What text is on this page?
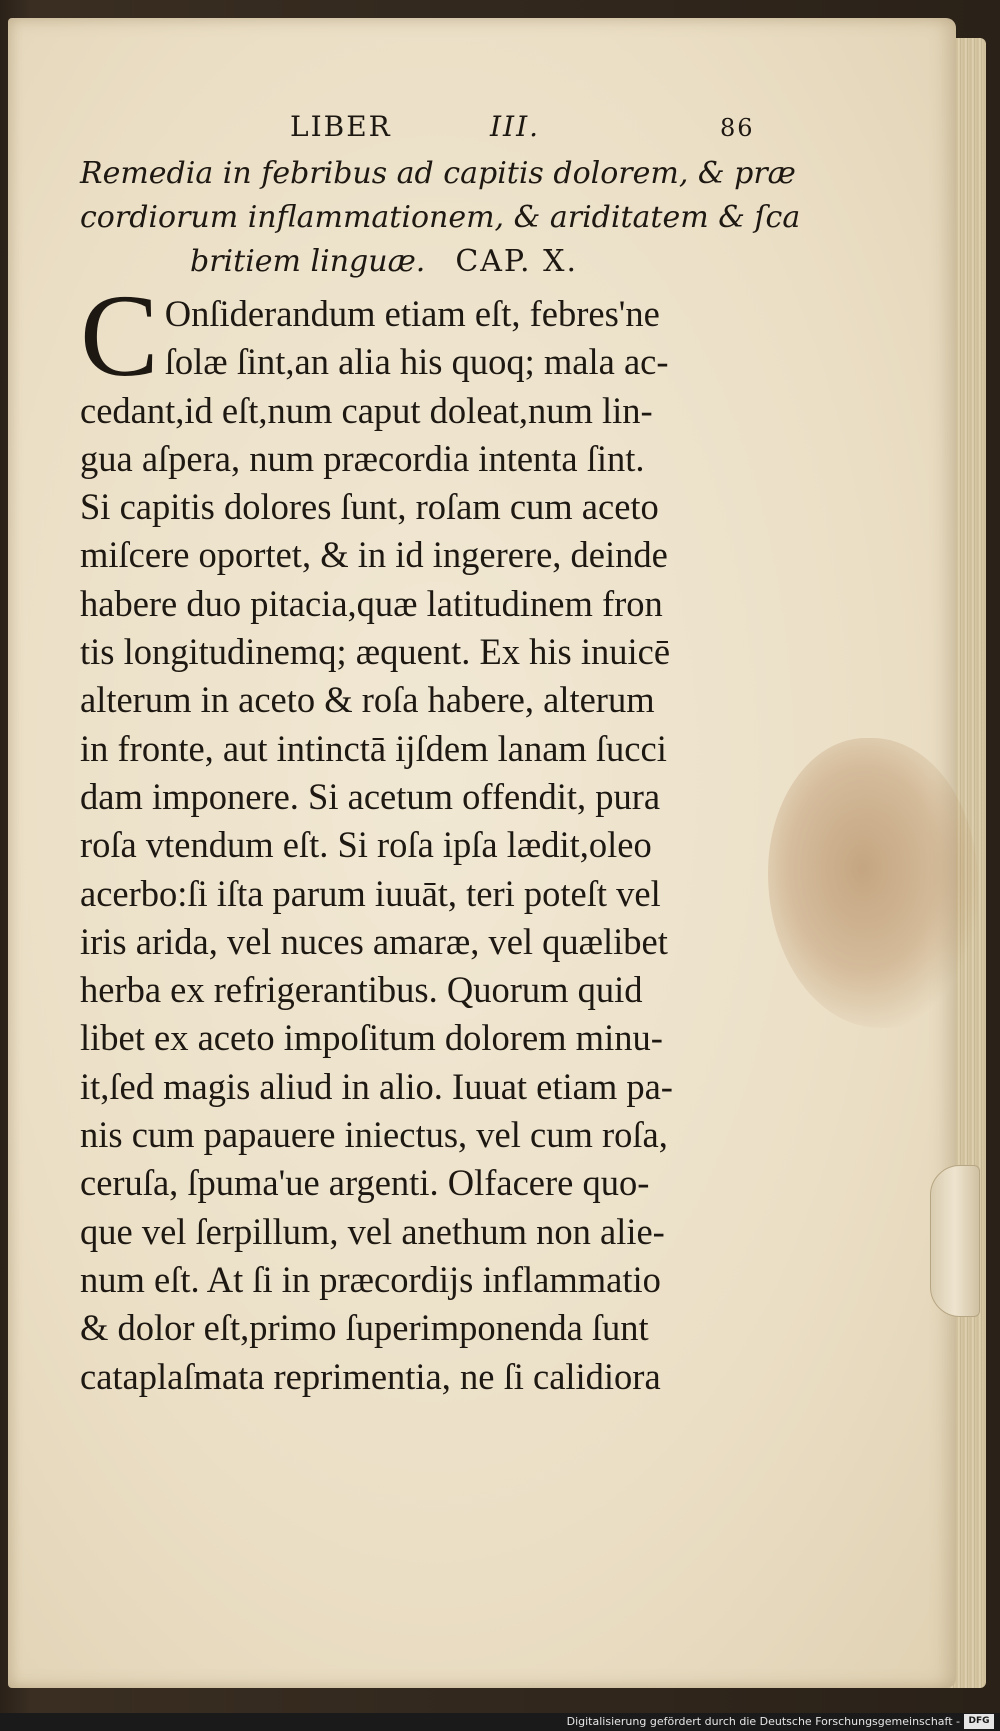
LIBER	III.	86
Remedia in febribus ad capitis dolorem, & præ
cordiorum inflammationem, & ariditatem & ſca
britiem linguæ. CAP. X.
C Onſiderandum etiam eſt, febres'ne
ſolæ ſint,an alia his quoq; mala ac-
cedant,id eſt,num caput doleat,num lin-
gua aſpera, num præcordia intenta ſint.
Si capitis dolores ſunt, roſam cum aceto
miſcere oportet, & in id ingerere, deinde
habere duo pitacia,quæ latitudinem fron
tis longitudinemq; æquent. Ex his inuicē
alterum in aceto & roſa habere, alterum
in fronte, aut intinctā ijſdem lanam ſucci
dam imponere. Si acetum offendit, pura
roſa vtendum eſt. Si roſa ipſa lædit,oleo
acerbo:ſi iſta parum iuuāt, teri poteſt vel
iris arida, vel nuces amaræ, vel quælibet
herba ex refrigerantibus. Quorum quid
libet ex aceto impoſitum dolorem minu-
it,ſed magis aliud in alio. Iuuat etiam pa-
nis cum papauere iniectus, vel cum roſa,
ceruſa, ſpuma'ue argenti. Olfacere quo-
que vel ſerpillum, vel anethum non alie-
num eſt. At ſi in præcordijs inflammatio
& dolor eſt,primo ſuperimponenda ſunt
cataplaſmata reprimentia, ne ſi calidiora
Digitalisierung gefördert durch die Deutsche Forschungsgemeinschaft - DFG
